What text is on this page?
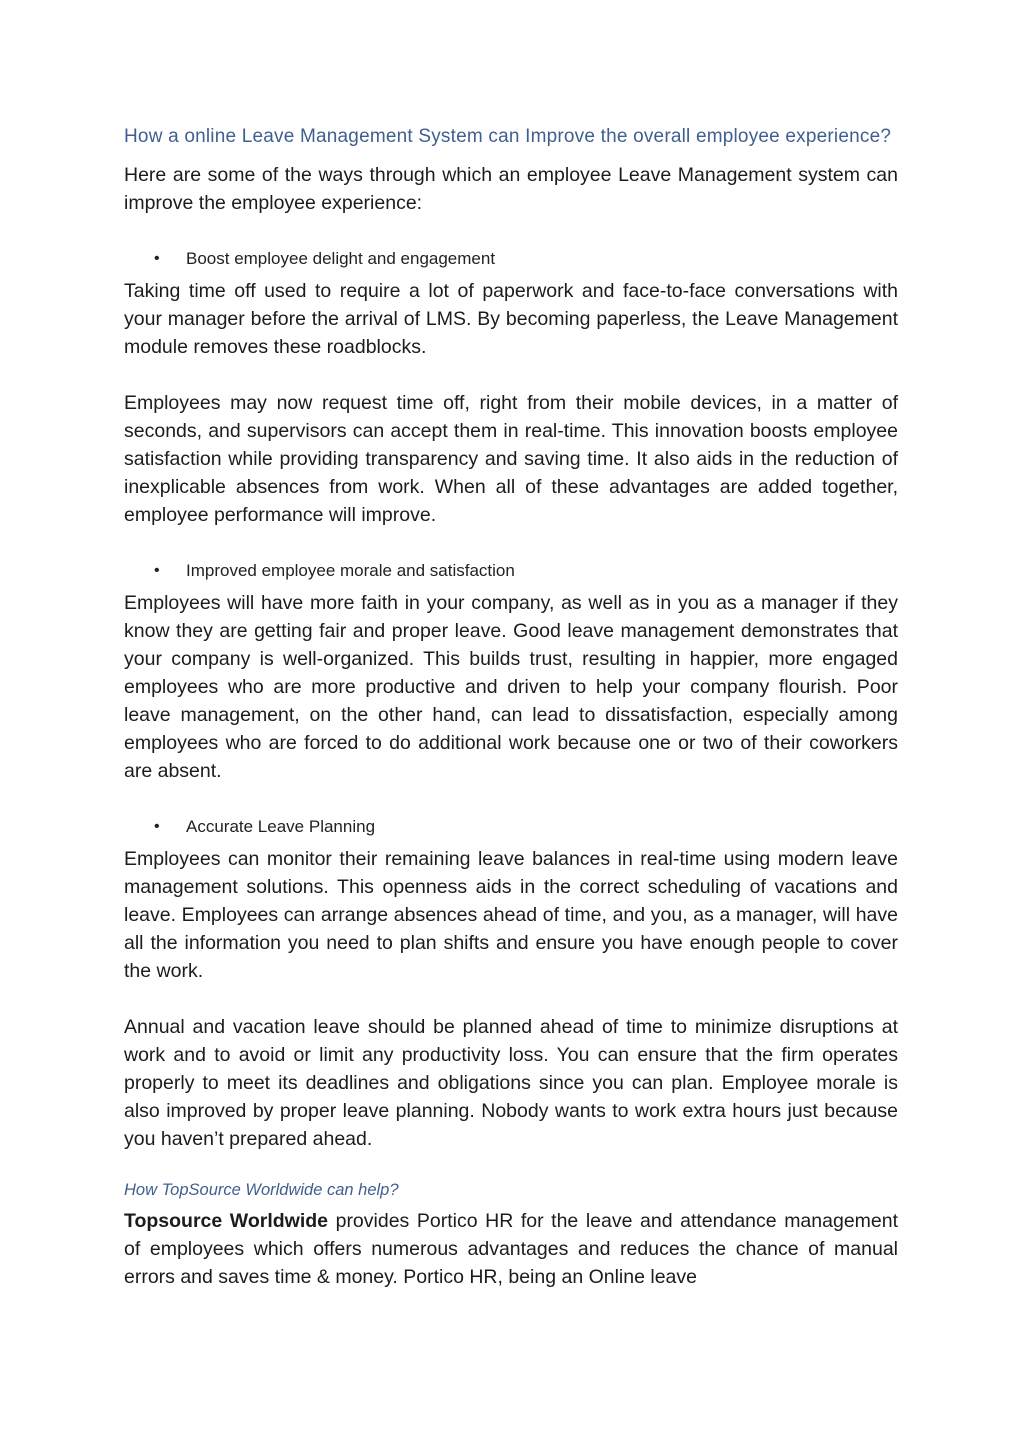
How a online Leave Management System can Improve the overall employee experience?

Here are some of the ways through which an employee Leave Management system can improve the employee experience:

•	Boost employee delight and engagement

Taking time off used to require a lot of paperwork and face-to-face conversations with your manager before the arrival of LMS. By becoming paperless, the Leave Management module removes these roadblocks.

Employees may now request time off, right from their mobile devices, in a matter of seconds, and supervisors can accept them in real-time. This innovation boosts employee satisfaction while providing transparency and saving time. It also aids in the reduction of inexplicable absences from work. When all of these advantages are added together, employee performance will improve.

•	Improved employee morale and satisfaction

Employees will have more faith in your company, as well as in you as a manager if they know they are getting fair and proper leave. Good leave management demonstrates that your company is well-organized. This builds trust, resulting in happier, more engaged employees who are more productive and driven to help your company flourish. Poor leave management, on the other hand, can lead to dissatisfaction, especially among employees who are forced to do additional work because one or two of their coworkers are absent.

•	Accurate Leave Planning

Employees can monitor their remaining leave balances in real-time using modern leave management solutions. This openness aids in the correct scheduling of vacations and leave. Employees can arrange absences ahead of time, and you, as a manager, will have all the information you need to plan shifts and ensure you have enough people to cover the work.

Annual and vacation leave should be planned ahead of time to minimize disruptions at work and to avoid or limit any productivity loss. You can ensure that the firm operates properly to meet its deadlines and obligations since you can plan. Employee morale is also improved by proper leave planning. Nobody wants to work extra hours just because you haven’t prepared ahead.

How TopSource Worldwide can help?

Topsource Worldwide provides Portico HR for the leave and attendance management of employees which offers numerous advantages and reduces the chance of manual errors and saves time & money. Portico HR, being an Online leave
